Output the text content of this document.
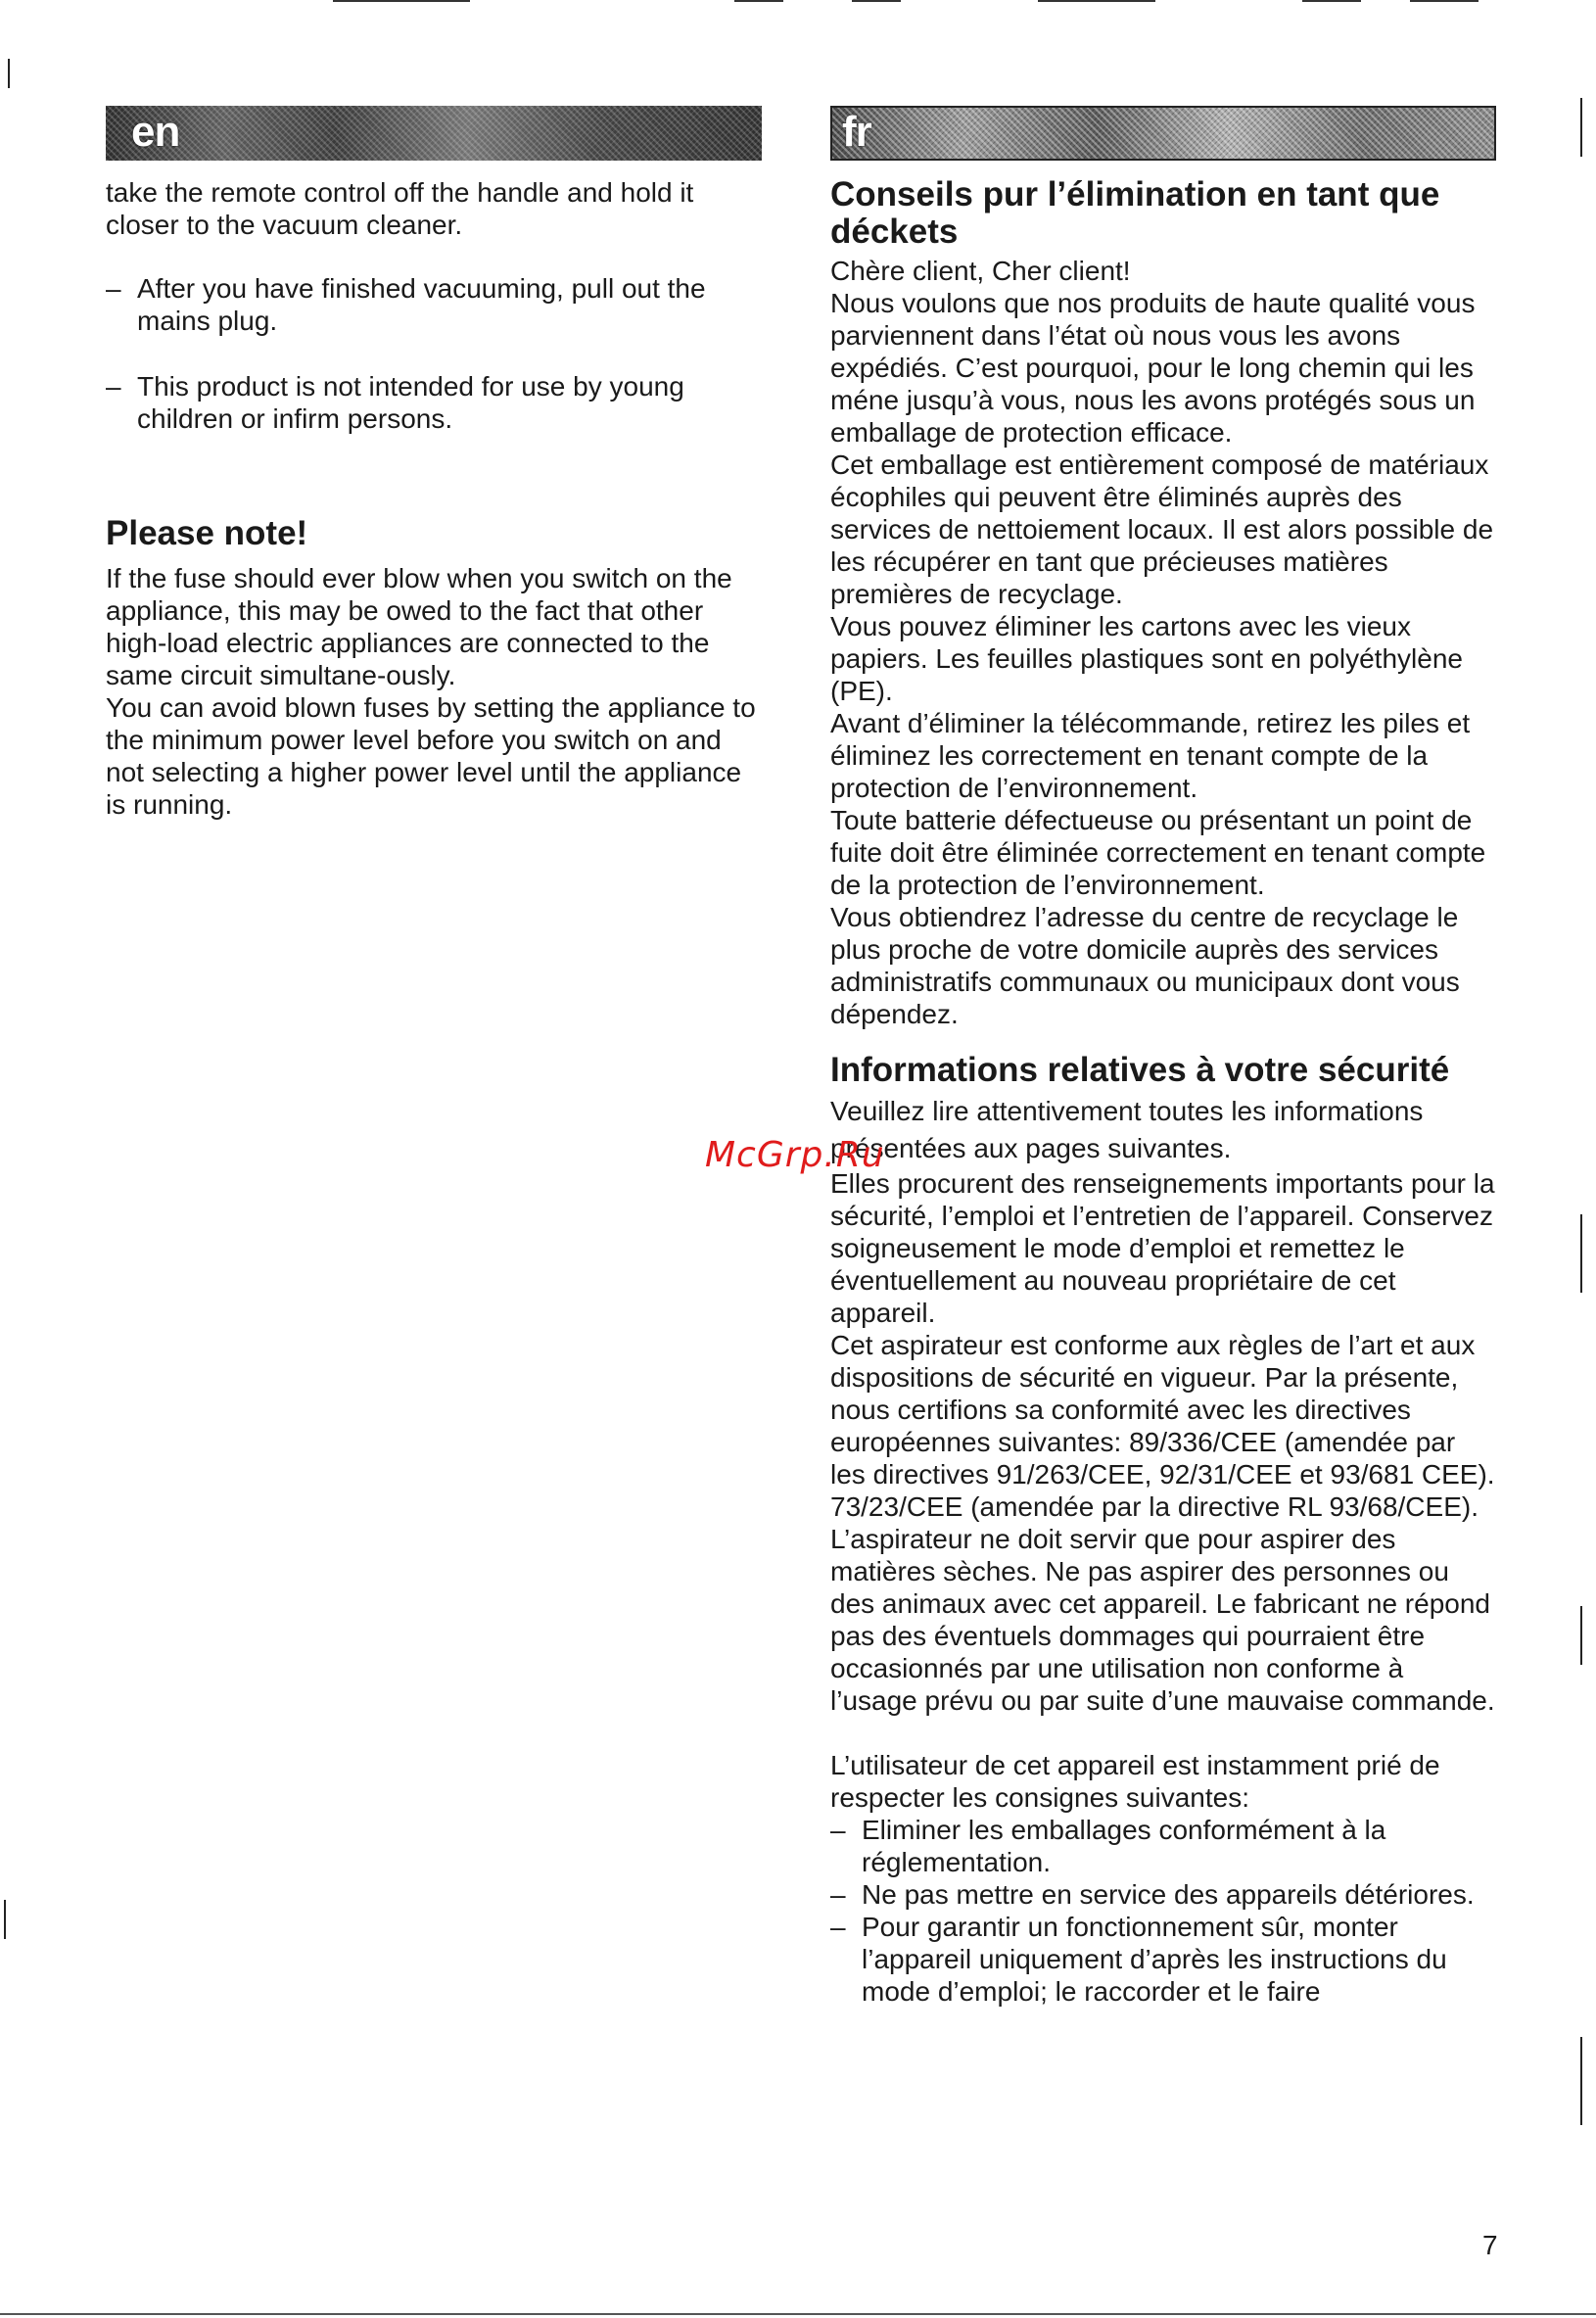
en

take the remote control off the handle and hold it closer to the vacuum cleaner.

– After you have finished vacuuming, pull out the mains plug.
– This product is not intended for use by young children or infirm persons.
Please note!

If the fuse should ever blow when you switch on the appliance, this may be owed to the fact that other high-load electric appliances are connected to the same circuit simultane-ously.

You can avoid blown fuses by setting the appliance to the minimum power level before you switch on and not selecting a higher power level until the appliance is running.

fr
Conseils pur l’élimination en tant que déckets

Chère client, Cher client!

Nous voulons que nos produits de haute qualité vous parviennent dans l’état où nous vous les avons expédiés. C’est pourquoi, pour le long chemin qui les méne jusqu’à vous, nous les avons protégés sous un emballage de protection efficace.

Cet emballage est entièrement composé de matériaux écophiles qui peuvent être éliminés auprès des services de nettoiement locaux. Il est alors possible de les récupérer en tant que précieuses matières premières de recyclage.

Vous pouvez éliminer les cartons avec les vieux papiers. Les feuilles plastiques sont en polyéthylène (PE).

Avant d’éliminer la télécommande, retirez les piles et éliminez les correctement en tenant compte de la protection de l’environnement.

Toute batterie défectueuse ou présentant un point de fuite doit être éliminée correctement en tenant compte de la protection de l’environnement.

Vous obtiendrez l’adresse du centre de recyclage le plus proche de votre domicile auprès des services administratifs communaux ou municipaux dont vous dépendez.

Informations relatives à votre sécurité

Veuillez lire attentivement toutes les informations présentées aux pages suivantes.

Elles procurent des renseignements importants pour la sécurité, l’emploi et l’entretien de l’appareil. Conservez soigneusement le mode d’emploi et remettez le éventuellement au nouveau propriétaire de cet appareil.

Cet aspirateur est conforme aux règles de l’art et aux dispositions de sécurité en vigueur. Par la présente, nous certifions sa conformité avec les directives européennes suivantes: 89/336/CEE (amendée par les directives 91/263/CEE, 92/31/CEE et 93/681 CEE). 73/23/CEE (amendée par la directive RL 93/68/CEE).

L’aspirateur ne doit servir que pour aspirer des matières sèches. Ne pas aspirer des personnes ou des animaux avec cet appareil. Le fabricant ne répond pas des éventuels dommages qui pourraient être occasionnés par une utilisation non conforme à l’usage prévu ou par suite d’une mauvaise commande.

L’utilisateur de cet appareil est instamment prié de respecter les consignes suivantes:

– Eliminer les emballages conformément à la réglementation.
– Ne pas mettre en service des appareils détériores.
– Pour garantir un fonctionnement sûr, monter l’appareil uniquement d’après les instructions du mode d’emploi; le raccorder et le faire
McGrp.Ru
7
